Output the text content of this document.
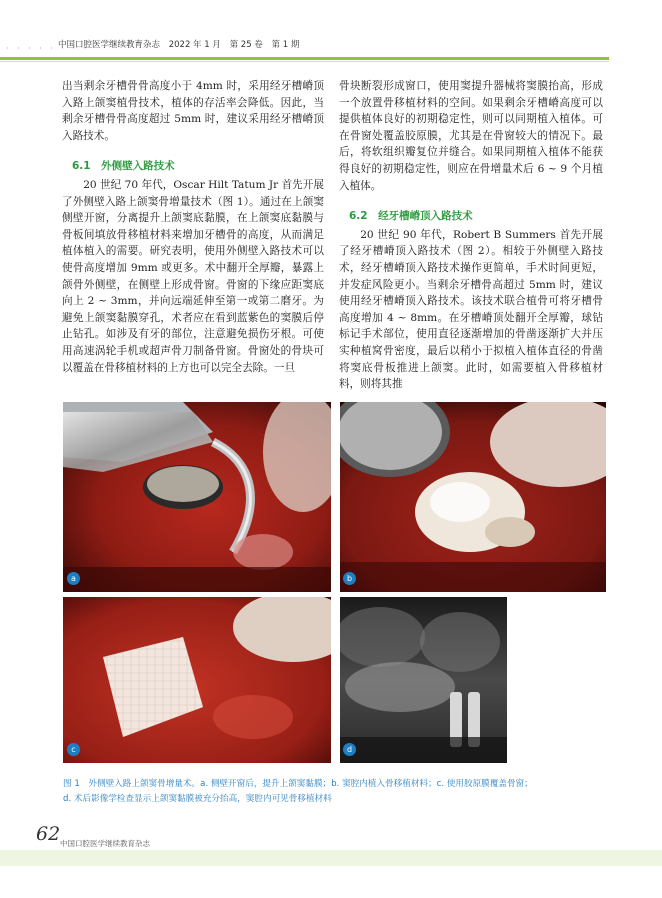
· · · · · · · ·
中国口腔医学继续教育杂志 2022 年 1 月 第 25 卷 第 1 期

出当剩余牙槽骨骨高度小于 4mm 时，采用经牙槽嵴顶入路上颌窦植骨技术，植体的存活率会降低。因此，当剩余牙槽骨骨高度超过 5mm 时，建议采用经牙槽嵴顶入路技术。

6.1　外侧壁入路技术

20 世纪 70 年代，Oscar Hilt Tatum Jr 首先开展了外侧壁入路上颌窦骨增量技术（图 1）。通过在上颌窦侧壁开窗，分离提升上颌窦底黏膜，在上颌窦底黏膜与骨板间填放骨移植材料来增加牙槽骨的高度，从而满足植体植入的需要。研究表明，使用外侧壁入路技术可以使骨高度增加 9mm 或更多。术中翻开全厚瓣，暴露上颌骨外侧壁，在侧壁上形成骨窗。骨窗的下缘应距窦底向上 2 ~ 3mm，并向远端延伸至第一或第二磨牙。为避免上颌窦黏膜穿孔，术者应在看到蓝紫色的窦膜后停止钻孔。如涉及有牙的部位，注意避免损伤牙根。可使用高速涡轮手机或超声骨刀制备骨窗。骨窗处的骨块可以覆盖在骨移植材料的上方也可以完全去除。一旦

骨块断裂形成窗口，使用窦提升器械将窦膜抬高，形成一个放置骨移植材料的空间。如果剩余牙槽嵴高度可以提供植体良好的初期稳定性，则可以同期植入植体。可在骨窗处覆盖胶原膜，尤其是在骨窗较大的情况下。最后，将软组织瓣复位并缝合。如果同期植入植体不能获得良好的初期稳定性，则应在骨增量术后 6 ~ 9 个月植入植体。

6.2　经牙槽嵴顶入路技术

20 世纪 90 年代，Robert B Summers 首先开展了经牙槽嵴顶入路技术（图 2）。相较于外侧壁入路技术，经牙槽嵴顶入路技术操作更简单，手术时间更短，并发症风险更小。当剩余牙槽骨高超过 5mm 时，建议使用经牙槽嵴顶入路技术。该技术联合植骨可将牙槽骨高度增加 4 ~ 8mm。在牙槽嵴顶处翻开全厚瓣，球钻标记手术部位，使用直径逐渐增加的骨凿逐渐扩大并压实种植窝骨密度，最后以稍小于拟植入植体直径的骨凿将窦底骨板推进上颌窦。此时，如需要植入骨移植材料，则将其推

a	b
c	d
图 1　外侧壁入路上颌窦骨增量术。a. 侧壁开窗后，提升上颌窦黏膜；b. 窦腔内植入骨移植材料；c. 使用胶原膜覆盖骨窗；
d. 术后影像学检查显示上颌窦黏膜被充分抬高，窦腔内可见骨移植材料
62 中国口腔医学继续教育杂志
